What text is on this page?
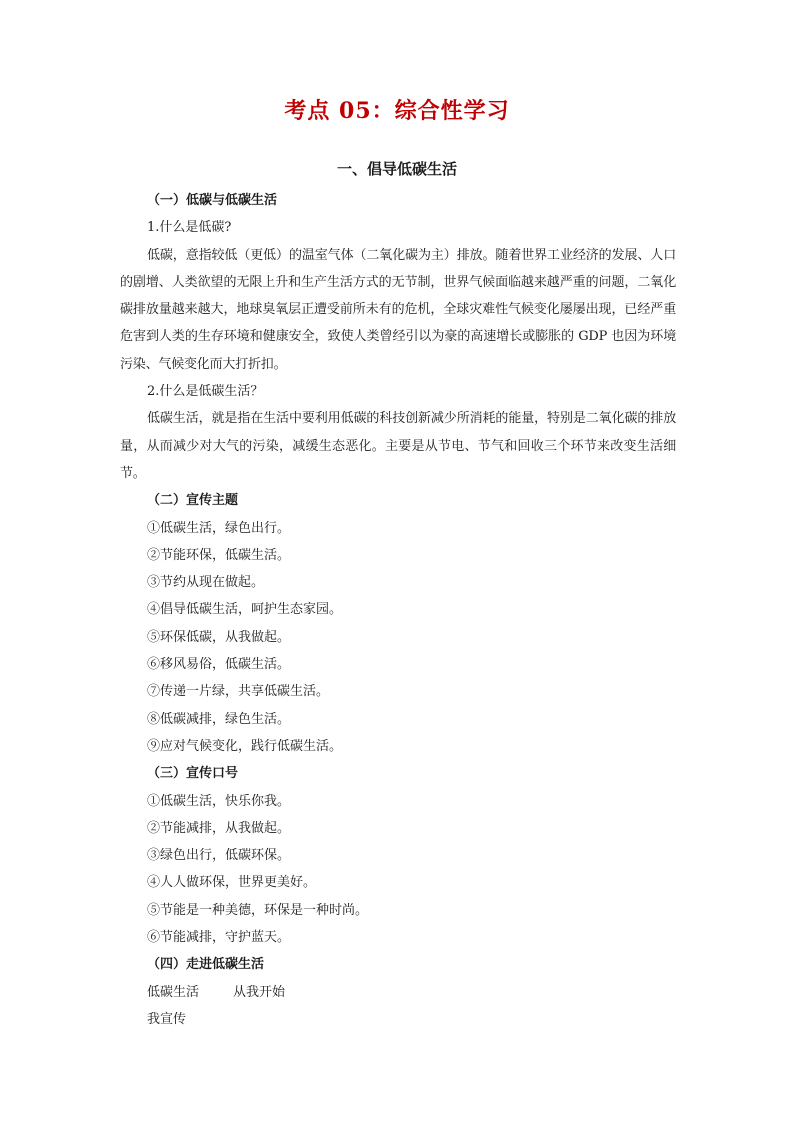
考点 05：综合性学习
一、倡导低碳生活

（一）低碳与低碳生活

1.什么是低碳?

低碳，意指较低（更低）的温室气体（二氧化碳为主）排放。随着世界工业经济的发展、人口的剧增、人类欲望的无限上升和生产生活方式的无节制，世界气候面临越来越严重的问题，二氧化碳排放量越来越大，地球臭氧层正遭受前所未有的危机，全球灾难性气候变化屡屡出现，已经严重危害到人类的生存环境和健康安全，致使人类曾经引以为豪的高速增长或膨胀的 GDP 也因为环境污染、气候变化而大打折扣。

2.什么是低碳生活？

低碳生活，就是指在生活中要利用低碳的科技创新减少所消耗的能量，特别是二氧化碳的排放量，从而减少对大气的污染，减缓生态恶化。主要是从节电、节气和回收三个环节来改变生活细节。

（二）宣传主题

①低碳生活，绿色出行。

②节能环保，低碳生活。

③节约从现在做起。

④倡导低碳生活，呵护生态家园。

⑤环保低碳，从我做起。

⑥移风易俗，低碳生活。

⑦传递一片绿，共享低碳生活。

⑧低碳减排，绿色生活。

⑨应对气候变化，践行低碳生活。

（三）宣传口号

①低碳生活，快乐你我。

②节能减排，从我做起。

③绿色出行，低碳环保。

④人人做环保，世界更美好。

⑤节能是一种美德，环保是一种时尚。

⑥节能减排，守护蓝天。

（四）走进低碳生活

低碳生活	从我开始

我宣传
